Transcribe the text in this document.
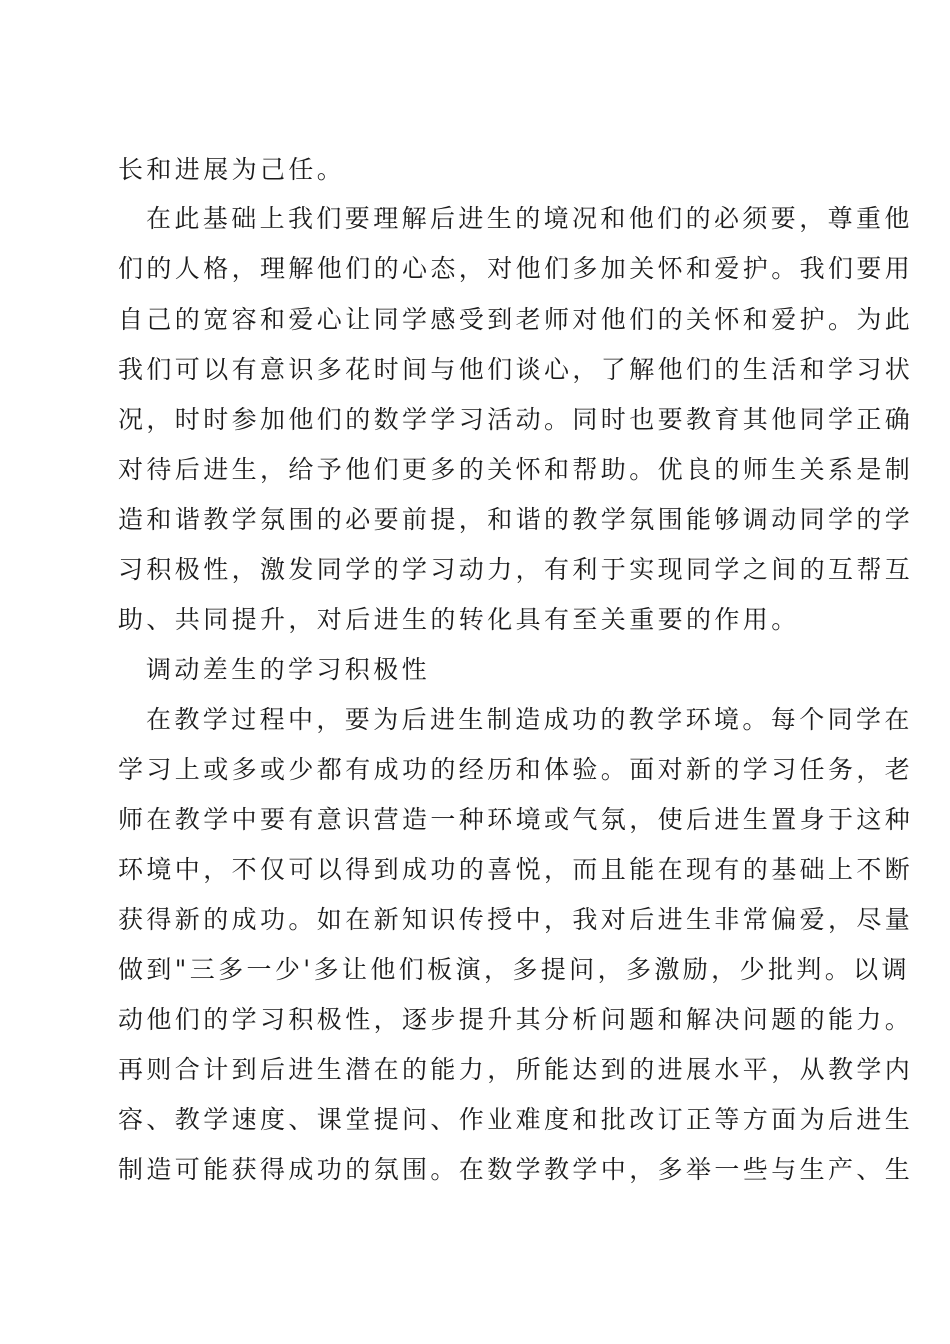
长和进展为己任。
在此基础上我们要理解后进生的境况和他们的必须要，尊重他
们的人格，理解他们的心态，对他们多加关怀和爱护。我们要用
自己的宽容和爱心让同学感受到老师对他们的关怀和爱护。为此
我们可以有意识多花时间与他们谈心，了解他们的生活和学习状
况，时时参加他们的数学学习活动。同时也要教育其他同学正确
对待后进生，给予他们更多的关怀和帮助。优良的师生关系是制
造和谐教学氛围的必要前提，和谐的教学氛围能够调动同学的学
习积极性，激发同学的学习动力，有利于实现同学之间的互帮互
助、共同提升，对后进生的转化具有至关重要的作用。
调动差生的学习积极性
在教学过程中，要为后进生制造成功的教学环境。每个同学在
学习上或多或少都有成功的经历和体验。面对新的学习任务，老
师在教学中要有意识营造一种环境或气氛，使后进生置身于这种
环境中，不仅可以得到成功的喜悦，而且能在现有的基础上不断
获得新的成功。如在新知识传授中，我对后进生非常偏爱，尽量
做到"三多一少'多让他们板演，多提问，多激励，少批判。以调
动他们的学习积极性，逐步提升其分析问题和解决问题的能力。
再则合计到后进生潜在的能力，所能达到的进展水平，从教学内
容、教学速度、课堂提问、作业难度和批改订正等方面为后进生
制造可能获得成功的氛围。在数学教学中，多举一些与生产、生
